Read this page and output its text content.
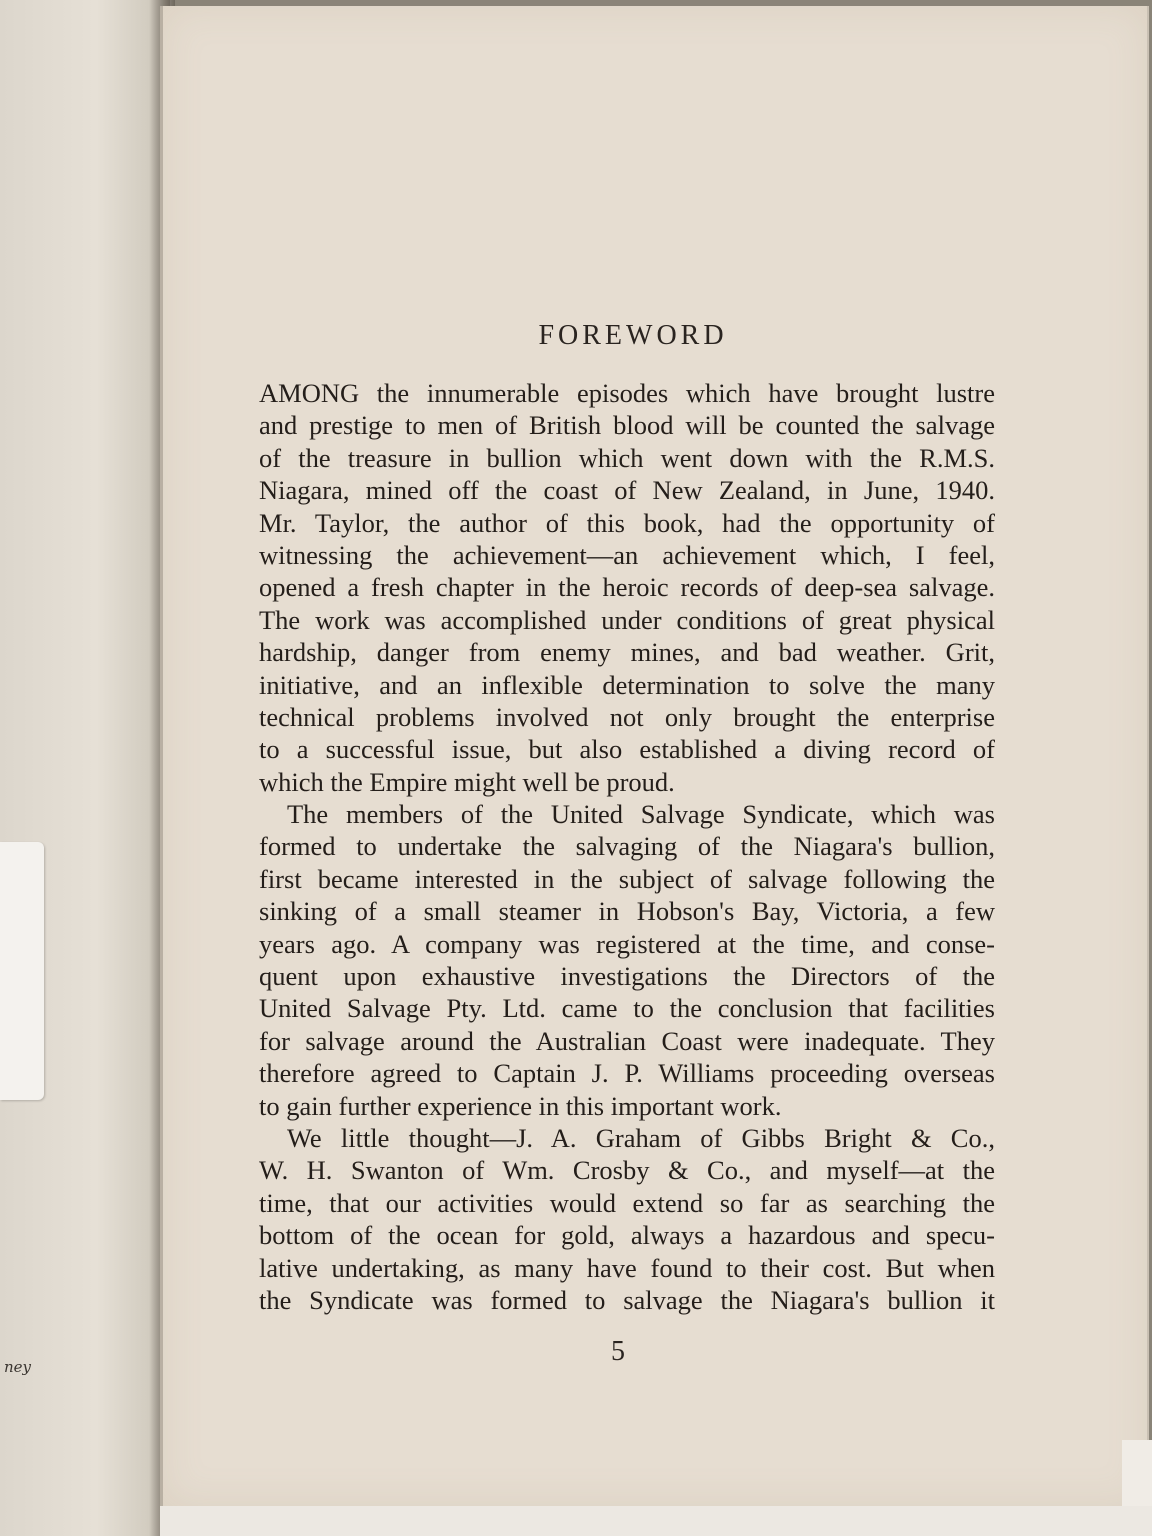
ney
FOREWORD
AMONG the innumerable episodes which have brought lustre
and prestige to men of British blood will be counted the salvage
of the treasure in bullion which went down with the R.M.S.
Niagara, mined off the coast of New Zealand, in June, 1940.
Mr. Taylor, the author of this book, had the opportunity of
witnessing the achievement—an achievement which, I feel,
opened a fresh chapter in the heroic records of deep-sea salvage.
The work was accomplished under conditions of great physical
hardship, danger from enemy mines, and bad weather. Grit,
initiative, and an inflexible determination to solve the many
technical problems involved not only brought the enterprise
to a successful issue, but also established a diving record of
which the Empire might well be proud.
The members of the United Salvage Syndicate, which was
formed to undertake the salvaging of the Niagara's bullion,
first became interested in the subject of salvage following the
sinking of a small steamer in Hobson's Bay, Victoria, a few
years ago. A company was registered at the time, and conse-
quent upon exhaustive investigations the Directors of the
United Salvage Pty. Ltd. came to the conclusion that facilities
for salvage around the Australian Coast were inadequate. They
therefore agreed to Captain J. P. Williams proceeding overseas
to gain further experience in this important work.
We little thought—J. A. Graham of Gibbs Bright & Co.,
W. H. Swanton of Wm. Crosby & Co., and myself—at the
time, that our activities would extend so far as searching the
bottom of the ocean for gold, always a hazardous and specu-
lative undertaking, as many have found to their cost. But when
the Syndicate was formed to salvage the Niagara's bullion it
5
